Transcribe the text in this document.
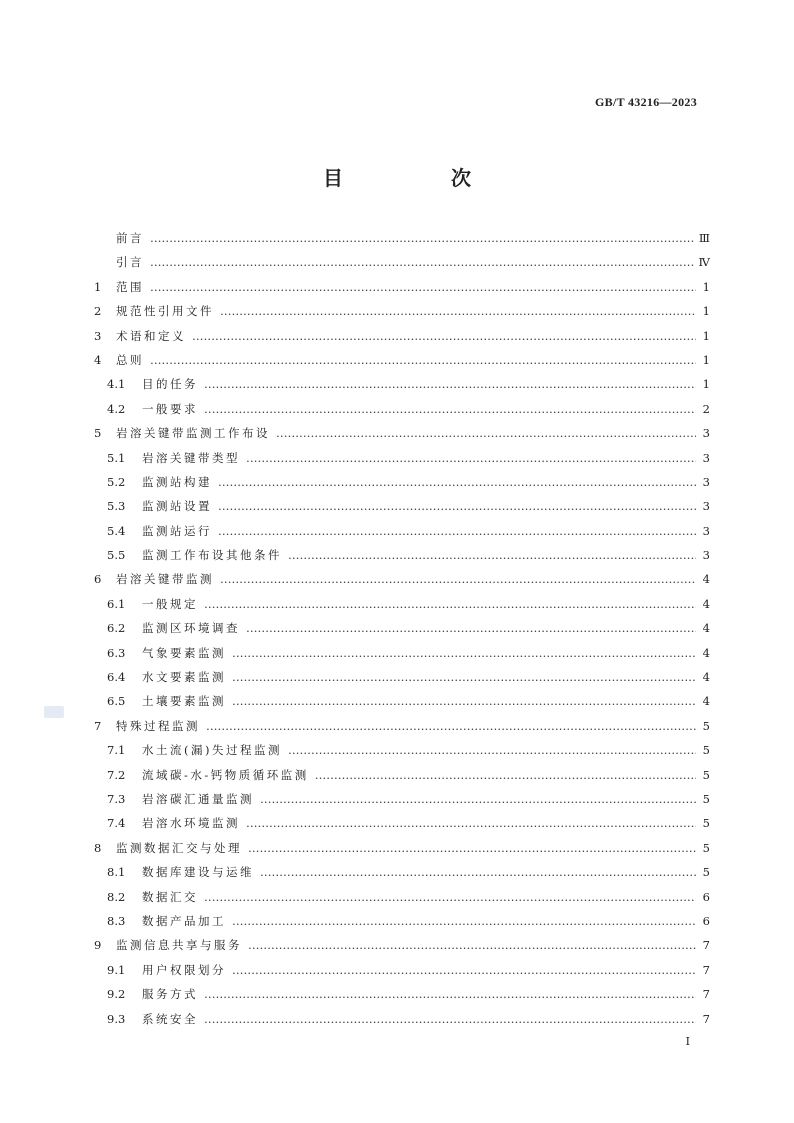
GB/T 43216—2023
目　次
前言 ……………………………………………………………………………………………………………………………………………………………………………………………………	Ⅲ
引言 ……………………………………………………………………………………………………………………………………………………………………………………………………	Ⅳ
1	范围 ……………………………………………………………………………………………………………………………………………………………………………………………………	1
2	规范性引用文件 ……………………………………………………………………………………………………………………………………………………………………………………………………	1
3	术语和定义 ……………………………………………………………………………………………………………………………………………………………………………………………………	1
4	总则 ……………………………………………………………………………………………………………………………………………………………………………………………………	1
4.1	目的任务 ……………………………………………………………………………………………………………………………………………………………………………………………………	1
4.2	一般要求 ……………………………………………………………………………………………………………………………………………………………………………………………………	2
5	岩溶关键带监测工作布设 ……………………………………………………………………………………………………………………………………………………………………………………………………	3
5.1	岩溶关键带类型 ……………………………………………………………………………………………………………………………………………………………………………………………………	3
5.2	监测站构建 ……………………………………………………………………………………………………………………………………………………………………………………………………	3
5.3	监测站设置 ……………………………………………………………………………………………………………………………………………………………………………………………………	3
5.4	监测站运行 ……………………………………………………………………………………………………………………………………………………………………………………………………	3
5.5	监测工作布设其他条件 ……………………………………………………………………………………………………………………………………………………………………………………………………	3
6	岩溶关键带监测 ……………………………………………………………………………………………………………………………………………………………………………………………………	4
6.1	一般规定 ……………………………………………………………………………………………………………………………………………………………………………………………………	4
6.2	监测区环境调查 ……………………………………………………………………………………………………………………………………………………………………………………………………	4
6.3	气象要素监测 ……………………………………………………………………………………………………………………………………………………………………………………………………	4
6.4	水文要素监测 ……………………………………………………………………………………………………………………………………………………………………………………………………	4
6.5	土壤要素监测 ……………………………………………………………………………………………………………………………………………………………………………………………………	4
7	特殊过程监测 ……………………………………………………………………………………………………………………………………………………………………………………………………	5
7.1	水土流(漏)失过程监测 ……………………………………………………………………………………………………………………………………………………………………………………………………	5
7.2	流域碳-水-钙物质循环监测 ……………………………………………………………………………………………………………………………………………………………………………………………………	5
7.3	岩溶碳汇通量监测 ……………………………………………………………………………………………………………………………………………………………………………………………………	5
7.4	岩溶水环境监测 ……………………………………………………………………………………………………………………………………………………………………………………………………	5
8	监测数据汇交与处理 ……………………………………………………………………………………………………………………………………………………………………………………………………	5
8.1	数据库建设与运维 ……………………………………………………………………………………………………………………………………………………………………………………………………	5
8.2	数据汇交 ……………………………………………………………………………………………………………………………………………………………………………………………………	6
8.3	数据产品加工 ……………………………………………………………………………………………………………………………………………………………………………………………………	6
9	监测信息共享与服务 ……………………………………………………………………………………………………………………………………………………………………………………………………	7
9.1	用户权限划分 ……………………………………………………………………………………………………………………………………………………………………………………………………	7
9.2	服务方式 ……………………………………………………………………………………………………………………………………………………………………………………………………	7
9.3	系统安全 ……………………………………………………………………………………………………………………………………………………………………………………………………	7
I
